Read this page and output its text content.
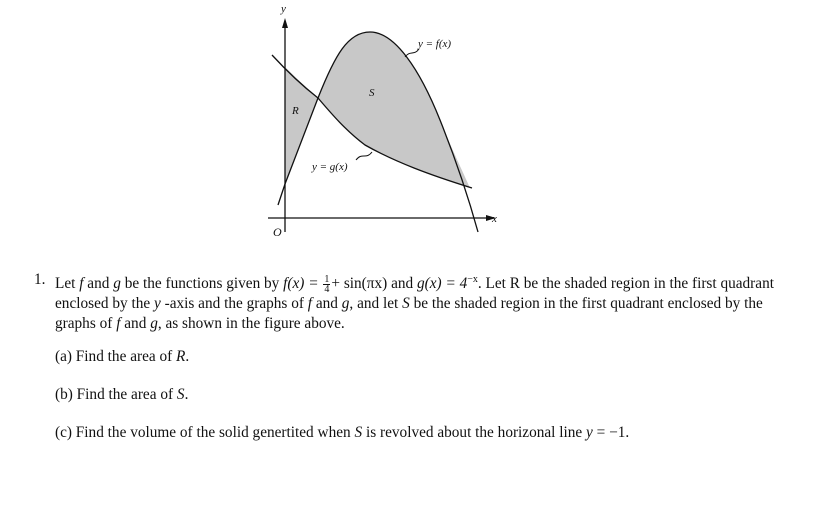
y
x
O
R
S
y = f(x)
y = g(x)
1. Let f and g be the functions given by $f(x) = \frac{1}{4} + \sin(\pi x)$ and $g(x) = 4^{-x}$. Let R be the shaded region in the first quadrant enclosed by the y -axis and the graphs of f and g, and let S be the shaded region in the first quadrant enclosed by the graphs of f and g, as shown in the figure above.
(a) Find the area of R.
(b) Find the area of S.
(c) Find the volume of the solid genertited when S is revolved about the horizonal line y = −1.
